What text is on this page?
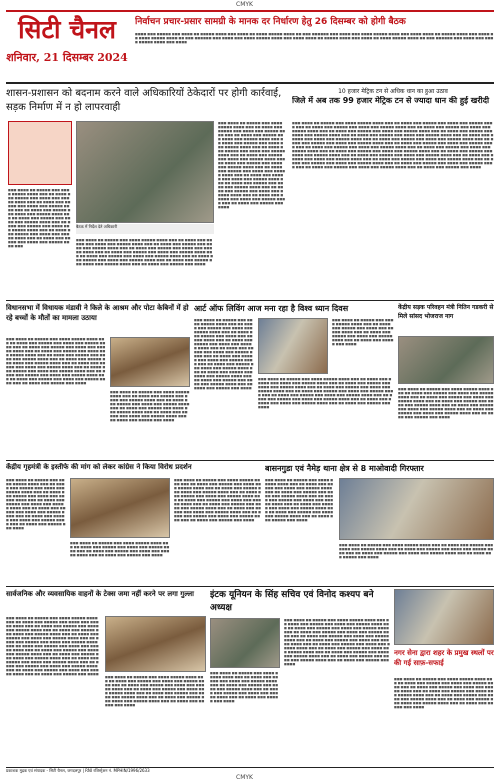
CMYK
सिटी चैनल
शनिवार, 21 दिसम्बर 2024
निर्वाचन प्रचार-प्रसार सामग्री के मानक दर निर्धारण हेतु 26 दिसम्बर को होगी बैठक
■■■■ ■■■ ■■■■■ ■■■ ■■■■ ■■ ■■■■■ ■■■■ ■■■ ■■■■ ■■ ■■■■ ■■■■■ ■■■■ ■■ ■■■ ■■■■■■ ■■■ ■■■■ ■■■ ■■■■ ■■■■■ ■■■■ ■■■ ■■■■ ■■■■ ■■ ■■■■■ ■■■■ ■■■ ■■■■ ■■ ■■■■ ■■■■■ ■■■■ ■■ ■■■ ■■■■■■ ■■■ ■■■■ ■■■ ■■■■ ■■■■■ ■■■■ ■■■ ■■■■ ■■■■ ■■ ■■■■■ ■■■■ ■■■ ■■■■ ■■ ■■■■ ■■■■■ ■■■■ ■■ ■■■ ■■■■■■ ■■■ ■■■■ ■■■ ■■■■ ■■■■■ ■■■■ ■■■ ■■■■
शासन-प्रशासन को बदनाम करने वाले अधिकारियों ठेकेदारों पर होगी कार्रवाई, सड़क निर्माण में न हो लापरवाही
■■■ ■■■■ ■■ ■■■■■ ■■■ ■■■■ ■■■■■ ■■■■ ■■■ ■■ ■■■■ ■■■ ■■■■■ ■■■ ■■■■ ■■■ ■■■■■ ■■■■ ■■■ ■■ ■■■■ ■■■ ■■■■■ ■■■ ■■■■ ■■■ ■■■■■ ■■■■ ■■■ ■■ ■■■■ ■■■ ■■■■■ ■■■ ■■■■ ■■■ ■■■■■ ■■■■ ■■■ ■■ ■■■■ ■■■ ■■■■■ ■■■ ■■■■ ■■■ ■■■■■ ■■■■ ■■■ ■■ ■■■■ ■■■ ■■■■■ ■■■ ■■■■ ■■■ ■■■■■ ■■■■ ■■■ ■■ ■■■■ ■■■ ■■■■■ ■■■ ■■■■ ■■■ ■■■■■ ■■■■ ■■■ ■■ ■■■■ ■■■ ■■■■■ ■■■ ■■■■ ■■■ ■■■■■ ■■■■ ■■■
बैठक में निर्देश देते अधिकारी
■■■ ■■■■ ■■ ■■■■■ ■■■ ■■■■ ■■■■■ ■■■■ ■■■ ■■ ■■■■ ■■■ ■■■■■ ■■■ ■■■■ ■■■ ■■■■■ ■■■■ ■■■ ■■ ■■■■ ■■■ ■■■■■ ■■■ ■■■■ ■■■ ■■■■■ ■■■■ ■■■ ■■ ■■■■ ■■■ ■■■■■ ■■■ ■■■■ ■■■ ■■■■■ ■■■■ ■■■ ■■ ■■■■ ■■■ ■■■■■ ■■■ ■■■■ ■■■ ■■■■■ ■■■■ ■■■ ■■ ■■■■ ■■■ ■■■■■ ■■■ ■■■■ ■■■ ■■■■■ ■■■■ ■■■ ■■ ■■■■ ■■■ ■■■■■ ■■■ ■■■■ ■■■ ■■■■■ ■■■■ ■■■ ■■ ■■■■ ■■■ ■■■■■ ■■■ ■■■■ ■■■ ■■■■■ ■■■■ ■■■ ■■ ■■■■ ■■■ ■■■■■ ■■■ ■■■■
■■■ ■■■■ ■■ ■■■■■ ■■■ ■■■■ ■■■■■ ■■■■ ■■■ ■■ ■■■■ ■■■ ■■■■■ ■■■ ■■■■ ■■■ ■■■■■ ■■■■ ■■■ ■■ ■■■■ ■■■ ■■■■■ ■■■ ■■■■ ■■■ ■■■■■ ■■■■ ■■■ ■■ ■■■■ ■■■ ■■■■■ ■■■ ■■■■ ■■■ ■■■■■ ■■■■ ■■■ ■■ ■■■■ ■■■ ■■■■■ ■■■ ■■■■ ■■■ ■■■■■ ■■■■ ■■■ ■■ ■■■■ ■■■ ■■■■■ ■■■ ■■■■ ■■■ ■■■■■ ■■■■ ■■■ ■■ ■■■■ ■■■ ■■■■■ ■■■ ■■■■ ■■■ ■■■■■ ■■■■ ■■■ ■■ ■■■■ ■■■ ■■■■■ ■■■ ■■■■ ■■■ ■■■■■ ■■■■ ■■■ ■■ ■■■■ ■■■ ■■■■■ ■■■ ■■■■ ■■■ ■■■■■ ■■■■ ■■■ ■■ ■■■■ ■■■ ■■■■■ ■■■ ■■■■ ■■■ ■■■■■ ■■■■ ■■■ ■■ ■■■■ ■■■ ■■■■■ ■■■ ■■■■ ■■■ ■■■■■ ■■■■ ■■■ ■■ ■■■■ ■■■ ■■■■■ ■■■ ■■■■ ■■■ ■■■■■ ■■■■ ■■■ ■■ ■■■■ ■■■ ■■■■■ ■■■ ■■■■
10 हजार मेट्रिक टन से अधिक धान का हुआ उठाव
जिले में अब तक 99 हजार मेट्रिक टन से ज्यादा धान की हुई खरीदी
■■■ ■■■■ ■■ ■■■■■ ■■■ ■■■■ ■■■■■ ■■■■ ■■■ ■■ ■■■■ ■■■ ■■■■■ ■■■ ■■■■ ■■■ ■■■■■ ■■■■ ■■■ ■■ ■■■■ ■■■ ■■■■■ ■■■ ■■■■ ■■■ ■■■■■ ■■■■ ■■■ ■■ ■■■■ ■■■ ■■■■■ ■■■ ■■■■ ■■■ ■■■■■ ■■■■ ■■■ ■■ ■■■■ ■■■ ■■■■■ ■■■ ■■■■ ■■■ ■■■■■ ■■■■ ■■■ ■■ ■■■■ ■■■ ■■■■■ ■■■ ■■■■ ■■■ ■■■■■ ■■■■ ■■■ ■■ ■■■■ ■■■ ■■■■■ ■■■ ■■■■ ■■■ ■■■■■ ■■■■ ■■■ ■■ ■■■■ ■■■ ■■■■■ ■■■ ■■■■ ■■■ ■■■■■ ■■■■ ■■■ ■■ ■■■■ ■■■ ■■■■■ ■■■ ■■■■ ■■■ ■■■■■ ■■■■ ■■■ ■■ ■■■■ ■■■ ■■■■■ ■■■ ■■■■ ■■■ ■■■■■ ■■■■ ■■■ ■■ ■■■■ ■■■ ■■■■■ ■■■ ■■■■ ■■■ ■■■■■ ■■■■ ■■■ ■■ ■■■■ ■■■ ■■■■■ ■■■ ■■■■ ■■■ ■■■■■ ■■■■ ■■■ ■■ ■■■■ ■■■ ■■■■■ ■■■ ■■■■ ■■■ ■■■■■ ■■■■ ■■■ ■■ ■■■■ ■■■ ■■■■■ ■■■ ■■■■ ■■■ ■■■■■ ■■■■ ■■■ ■■ ■■■■ ■■■ ■■■■■ ■■■ ■■■■ ■■■ ■■■■■ ■■■■ ■■■ ■■ ■■■■ ■■■ ■■■■■ ■■■ ■■■■ ■■■ ■■■■■ ■■■■ ■■■ ■■ ■■■■ ■■■ ■■■■■ ■■■ ■■■■ ■■■ ■■■■■ ■■■■ ■■■ ■■ ■■■■ ■■■ ■■■■■ ■■■ ■■■■ ■■■ ■■■■■ ■■■■ ■■■ ■■ ■■■■ ■■■ ■■■■■ ■■■ ■■■■ ■■■ ■■■■■ ■■■■ ■■■ ■■ ■■■■ ■■■ ■■■■■ ■■■ ■■■■ ■■■ ■■■■■ ■■■■ ■■■ ■■ ■■■■ ■■■ ■■■■■ ■■■ ■■■■ ■■■ ■■■■■ ■■■■ ■■■ ■■ ■■■■ ■■■ ■■■■■ ■■■ ■■■■
विधानसभा में विधायक मंडावी ने किले के आश्रम और पोटा केबिनों में हो रहे बच्चों के मौतों का मामला उठाया
■■■ ■■■■ ■■ ■■■■■ ■■■ ■■■■ ■■■■■ ■■■■ ■■■ ■■ ■■■■ ■■■ ■■■■■ ■■■ ■■■■ ■■■ ■■■■■ ■■■■ ■■■ ■■ ■■■■ ■■■ ■■■■■ ■■■ ■■■■ ■■■ ■■■■■ ■■■■ ■■■ ■■ ■■■■ ■■■ ■■■■■ ■■■ ■■■■ ■■■ ■■■■■ ■■■■ ■■■ ■■ ■■■■ ■■■ ■■■■■ ■■■ ■■■■ ■■■ ■■■■■ ■■■■ ■■■ ■■ ■■■■ ■■■ ■■■■■ ■■■ ■■■■ ■■■ ■■■■■ ■■■■ ■■■ ■■ ■■■■ ■■■ ■■■■■ ■■■ ■■■■ ■■■ ■■■■■ ■■■■ ■■■ ■■ ■■■■ ■■■ ■■■■■ ■■■ ■■■■ ■■■ ■■■■■ ■■■■ ■■■ ■■ ■■■■ ■■■ ■■■■■ ■■■ ■■■■ ■■■ ■■■■■ ■■■■ ■■■ ■■ ■■■■ ■■■ ■■■■■ ■■■ ■■■■ ■■■ ■■■■■ ■■■■ ■■■ ■■ ■■■■ ■■■ ■■■■■ ■■■ ■■■■
■■■ ■■■■ ■■ ■■■■■ ■■■ ■■■■ ■■■■■ ■■■■ ■■■ ■■ ■■■■ ■■■ ■■■■■ ■■■ ■■■■ ■■■ ■■■■■ ■■■■ ■■■ ■■ ■■■■ ■■■ ■■■■■ ■■■ ■■■■ ■■■ ■■■■■ ■■■■ ■■■ ■■ ■■■■ ■■■ ■■■■■ ■■■ ■■■■ ■■■ ■■■■■ ■■■■ ■■■ ■■ ■■■■ ■■■ ■■■■■ ■■■ ■■■■ ■■■ ■■■■■ ■■■■ ■■■ ■■ ■■■■ ■■■ ■■■■■ ■■■ ■■■■
आर्ट ऑफ लिविंग आज मना रहा है विश्व ध्यान दिवस
■■■ ■■■■ ■■ ■■■■■ ■■■ ■■■■ ■■■■■ ■■■■ ■■■ ■■ ■■■■ ■■■ ■■■■■ ■■■ ■■■■ ■■■ ■■■■■ ■■■■ ■■■ ■■ ■■■■ ■■■ ■■■■■ ■■■ ■■■■ ■■■ ■■■■■ ■■■■ ■■■ ■■ ■■■■ ■■■ ■■■■■ ■■■ ■■■■ ■■■ ■■■■■ ■■■■ ■■■ ■■ ■■■■ ■■■ ■■■■■ ■■■ ■■■■ ■■■ ■■■■■ ■■■■ ■■■ ■■ ■■■■ ■■■ ■■■■■ ■■■ ■■■■ ■■■ ■■■■■ ■■■■ ■■■ ■■ ■■■■ ■■■ ■■■■■ ■■■ ■■■■ ■■■ ■■■■■ ■■■■ ■■■ ■■ ■■■■ ■■■ ■■■■■ ■■■ ■■■■ ■■■ ■■■■■ ■■■■ ■■■ ■■ ■■■■ ■■■ ■■■■■ ■■■ ■■■■ ■■■ ■■■■■ ■■■■ ■■■ ■■ ■■■■ ■■■ ■■■■■ ■■■ ■■■■
■■■ ■■■■ ■■ ■■■■■ ■■■ ■■■■ ■■■■■ ■■■■ ■■■ ■■ ■■■■ ■■■ ■■■■■ ■■■ ■■■■ ■■■ ■■■■■ ■■■■ ■■■ ■■ ■■■■ ■■■ ■■■■■ ■■■ ■■■■ ■■■ ■■■■■ ■■■■ ■■■ ■■ ■■■■ ■■■ ■■■■■ ■■■ ■■■■ ■■■ ■■■■■ ■■■■ ■■■ ■■ ■■■■ ■■■ ■■■■■ ■■■ ■■■■ ■■■ ■■■■■ ■■■■ ■■■ ■■ ■■■■ ■■■ ■■■■■ ■■■ ■■■■ ■■■ ■■■■■ ■■■■ ■■■ ■■ ■■■■ ■■■ ■■■■■ ■■■ ■■■■ ■■■ ■■■■■ ■■■■ ■■■ ■■ ■■■■ ■■■ ■■■■■ ■■■ ■■■■ ■■■ ■■■■■ ■■■■ ■■■ ■■ ■■■■ ■■■ ■■■■■ ■■■ ■■■■
■■■ ■■■■ ■■ ■■■■■ ■■■ ■■■■ ■■■■■ ■■■■ ■■■ ■■ ■■■■ ■■■ ■■■■■ ■■■ ■■■■ ■■■ ■■■■■ ■■■■ ■■■ ■■ ■■■■ ■■■ ■■■■■ ■■■ ■■■■ ■■■ ■■■■■ ■■■■ ■■■ ■■ ■■■■ ■■■ ■■■■■ ■■■ ■■■■
केंद्रीय सड़क परिवहन मंत्री नितिन गडकरी से मिले सांसद भोजराज नाग
■■■ ■■■■ ■■ ■■■■■ ■■■ ■■■■ ■■■■■ ■■■■ ■■■ ■■ ■■■■ ■■■ ■■■■■ ■■■ ■■■■ ■■■ ■■■■■ ■■■■ ■■■ ■■ ■■■■ ■■■ ■■■■■ ■■■ ■■■■ ■■■ ■■■■■ ■■■■ ■■■ ■■ ■■■■ ■■■ ■■■■■ ■■■ ■■■■ ■■■ ■■■■■ ■■■■ ■■■ ■■ ■■■■ ■■■ ■■■■■ ■■■ ■■■■ ■■■ ■■■■■ ■■■■ ■■■ ■■ ■■■■ ■■■ ■■■■■ ■■■ ■■■■ ■■■ ■■■■■ ■■■■ ■■■ ■■ ■■■■ ■■■ ■■■■■ ■■■ ■■■■
केंद्रीय गृहमंत्री के इस्तीफे की मांग को लेकर कांग्रेस ने किया विरोध प्रदर्शन
■■■ ■■■■ ■■ ■■■■■ ■■■ ■■■■ ■■■■■ ■■■■ ■■■ ■■ ■■■■ ■■■ ■■■■■ ■■■ ■■■■ ■■■ ■■■■■ ■■■■ ■■■ ■■ ■■■■ ■■■ ■■■■■ ■■■ ■■■■ ■■■ ■■■■■ ■■■■ ■■■ ■■ ■■■■ ■■■ ■■■■■ ■■■ ■■■■ ■■■ ■■■■■ ■■■■ ■■■ ■■ ■■■■ ■■■ ■■■■■ ■■■ ■■■■ ■■■ ■■■■■ ■■■■ ■■■ ■■ ■■■■ ■■■ ■■■■■ ■■■ ■■■■ ■■■ ■■■■■ ■■■■ ■■■ ■■ ■■■■ ■■■ ■■■■■ ■■■ ■■■■
■■■ ■■■■ ■■ ■■■■■ ■■■ ■■■■ ■■■■■ ■■■■ ■■■ ■■ ■■■■ ■■■ ■■■■■ ■■■ ■■■■ ■■■ ■■■■■ ■■■■ ■■■ ■■ ■■■■ ■■■ ■■■■■ ■■■ ■■■■ ■■■ ■■■■■ ■■■■ ■■■ ■■ ■■■■ ■■■ ■■■■■ ■■■ ■■■■
■■■ ■■■■ ■■ ■■■■■ ■■■ ■■■■ ■■■■■ ■■■■ ■■■ ■■ ■■■■ ■■■ ■■■■■ ■■■ ■■■■ ■■■ ■■■■■ ■■■■ ■■■ ■■ ■■■■ ■■■ ■■■■■ ■■■ ■■■■ ■■■ ■■■■■ ■■■■ ■■■ ■■ ■■■■ ■■■ ■■■■■ ■■■ ■■■■ ■■■ ■■■■■ ■■■■ ■■■ ■■ ■■■■ ■■■ ■■■■■ ■■■ ■■■■ ■■■ ■■■■■ ■■■■ ■■■ ■■ ■■■■ ■■■ ■■■■■ ■■■ ■■■■ ■■■ ■■■■■ ■■■■ ■■■ ■■ ■■■■ ■■■ ■■■■■ ■■■ ■■■■ ■■■ ■■■■■ ■■■■ ■■■ ■■ ■■■■ ■■■ ■■■■■ ■■■ ■■■■ ■■■ ■■■■■ ■■■■ ■■■ ■■ ■■■■ ■■■ ■■■■■ ■■■ ■■■■
बासनगुडा एवं नैमेड़ थाना क्षेत्र से 8 माओवादी गिरफ्तार
■■■ ■■■■ ■■ ■■■■■ ■■■ ■■■■ ■■■■■ ■■■■ ■■■ ■■ ■■■■ ■■■ ■■■■■ ■■■ ■■■■ ■■■ ■■■■■ ■■■■ ■■■ ■■ ■■■■ ■■■ ■■■■■ ■■■ ■■■■ ■■■ ■■■■■ ■■■■ ■■■ ■■ ■■■■ ■■■ ■■■■■ ■■■ ■■■■ ■■■ ■■■■■ ■■■■ ■■■ ■■ ■■■■ ■■■ ■■■■■ ■■■ ■■■■ ■■■ ■■■■■ ■■■■ ■■■ ■■ ■■■■ ■■■ ■■■■■ ■■■ ■■■■ ■■■ ■■■■■ ■■■■ ■■■ ■■ ■■■■ ■■■ ■■■■■ ■■■ ■■■■
■■■ ■■■■ ■■ ■■■■■ ■■■ ■■■■ ■■■■■ ■■■■ ■■■ ■■ ■■■■ ■■■ ■■■■■ ■■■ ■■■■ ■■■ ■■■■■ ■■■■ ■■■ ■■ ■■■■ ■■■ ■■■■■ ■■■ ■■■■ ■■■ ■■■■■ ■■■■ ■■■ ■■ ■■■■ ■■■ ■■■■■ ■■■ ■■■■ ■■■ ■■■■■ ■■■■ ■■■ ■■ ■■■■ ■■■ ■■■■■ ■■■ ■■■■
सार्वजनिक और व्यवसायिक वाहनों के टेक्स जमा नहीं करने पर लगा गुल्ला
■■■ ■■■■ ■■ ■■■■■ ■■■ ■■■■ ■■■■■ ■■■■ ■■■ ■■ ■■■■ ■■■ ■■■■■ ■■■ ■■■■ ■■■ ■■■■■ ■■■■ ■■■ ■■ ■■■■ ■■■ ■■■■■ ■■■ ■■■■ ■■■ ■■■■■ ■■■■ ■■■ ■■ ■■■■ ■■■ ■■■■■ ■■■ ■■■■ ■■■ ■■■■■ ■■■■ ■■■ ■■ ■■■■ ■■■ ■■■■■ ■■■ ■■■■ ■■■ ■■■■■ ■■■■ ■■■ ■■ ■■■■ ■■■ ■■■■■ ■■■ ■■■■ ■■■ ■■■■■ ■■■■ ■■■ ■■ ■■■■ ■■■ ■■■■■ ■■■ ■■■■ ■■■ ■■■■■ ■■■■ ■■■ ■■ ■■■■ ■■■ ■■■■■ ■■■ ■■■■ ■■■ ■■■■■ ■■■■ ■■■ ■■ ■■■■ ■■■ ■■■■■ ■■■ ■■■■ ■■■ ■■■■■ ■■■■ ■■■ ■■ ■■■■ ■■■ ■■■■■ ■■■ ■■■■ ■■■ ■■■■■ ■■■■ ■■■ ■■ ■■■■ ■■■ ■■■■■ ■■■ ■■■■ ■■■ ■■■■■ ■■■■ ■■■ ■■ ■■■■ ■■■ ■■■■■ ■■■ ■■■■ ■■■ ■■■■■ ■■■■ ■■■ ■■ ■■■■ ■■■ ■■■■■ ■■■ ■■■■
■■■ ■■■■ ■■ ■■■■■ ■■■ ■■■■ ■■■■■ ■■■■ ■■■ ■■ ■■■■ ■■■ ■■■■■ ■■■ ■■■■ ■■■ ■■■■■ ■■■■ ■■■ ■■ ■■■■ ■■■ ■■■■■ ■■■ ■■■■ ■■■ ■■■■■ ■■■■ ■■■ ■■ ■■■■ ■■■ ■■■■■ ■■■ ■■■■ ■■■ ■■■■■ ■■■■ ■■■ ■■ ■■■■ ■■■ ■■■■■ ■■■ ■■■■ ■■■ ■■■■■ ■■■■ ■■■ ■■ ■■■■ ■■■ ■■■■■ ■■■ ■■■■ ■■■ ■■■■■ ■■■■ ■■■ ■■ ■■■■ ■■■ ■■■■■ ■■■ ■■■■
इंटक यूनियन के सिंह सचिव एवं विनोद कश्यप बने अध्यक्ष
■■■ ■■■■ ■■ ■■■■■ ■■■ ■■■■ ■■■■■ ■■■■ ■■■ ■■ ■■■■ ■■■ ■■■■■ ■■■ ■■■■ ■■■ ■■■■■ ■■■■ ■■■ ■■ ■■■■ ■■■ ■■■■■ ■■■ ■■■■ ■■■ ■■■■■ ■■■■ ■■■ ■■ ■■■■ ■■■ ■■■■■ ■■■ ■■■■ ■■■ ■■■■■ ■■■■ ■■■ ■■ ■■■■ ■■■ ■■■■■ ■■■ ■■■■
■■■ ■■■■ ■■ ■■■■■ ■■■ ■■■■ ■■■■■ ■■■■ ■■■ ■■ ■■■■ ■■■ ■■■■■ ■■■ ■■■■ ■■■ ■■■■■ ■■■■ ■■■ ■■ ■■■■ ■■■ ■■■■■ ■■■ ■■■■ ■■■ ■■■■■ ■■■■ ■■■ ■■ ■■■■ ■■■ ■■■■■ ■■■ ■■■■ ■■■ ■■■■■ ■■■■ ■■■ ■■ ■■■■ ■■■ ■■■■■ ■■■ ■■■■ ■■■ ■■■■■ ■■■■ ■■■ ■■ ■■■■ ■■■ ■■■■■ ■■■ ■■■■ ■■■ ■■■■■ ■■■■ ■■■ ■■ ■■■■ ■■■ ■■■■■ ■■■ ■■■■ ■■■ ■■■■■ ■■■■ ■■■ ■■ ■■■■ ■■■ ■■■■■ ■■■ ■■■■ ■■■ ■■■■■ ■■■■ ■■■ ■■ ■■■■ ■■■ ■■■■■ ■■■ ■■■■ ■■■ ■■■■■ ■■■■ ■■■ ■■ ■■■■ ■■■ ■■■■■ ■■■ ■■■■ ■■■ ■■■■■ ■■■■ ■■■ ■■ ■■■■ ■■■ ■■■■■ ■■■ ■■■■
नगर सेना द्वारा शहर के प्रमुख स्थलों पर की गई साफ़-सफाई
■■■ ■■■■ ■■ ■■■■■ ■■■ ■■■■ ■■■■■ ■■■■ ■■■ ■■ ■■■■ ■■■ ■■■■■ ■■■ ■■■■ ■■■ ■■■■■ ■■■■ ■■■ ■■ ■■■■ ■■■ ■■■■■ ■■■ ■■■■ ■■■ ■■■■■ ■■■■ ■■■ ■■ ■■■■ ■■■ ■■■■■ ■■■ ■■■■ ■■■ ■■■■■ ■■■■ ■■■ ■■ ■■■■ ■■■ ■■■■■ ■■■ ■■■■ ■■■ ■■■■■ ■■■■ ■■■ ■■ ■■■■ ■■■ ■■■■■ ■■■ ■■■■ ■■■ ■■■■■ ■■■■ ■■■ ■■ ■■■■ ■■■ ■■■■■ ■■■ ■■■■
प्रकाशक मुद्रक एवं संपादक - सिटी चैनल, जगदलपुर | RNI रजिस्ट्रेशन नं. MPHIN/1996/2633
CMYK
